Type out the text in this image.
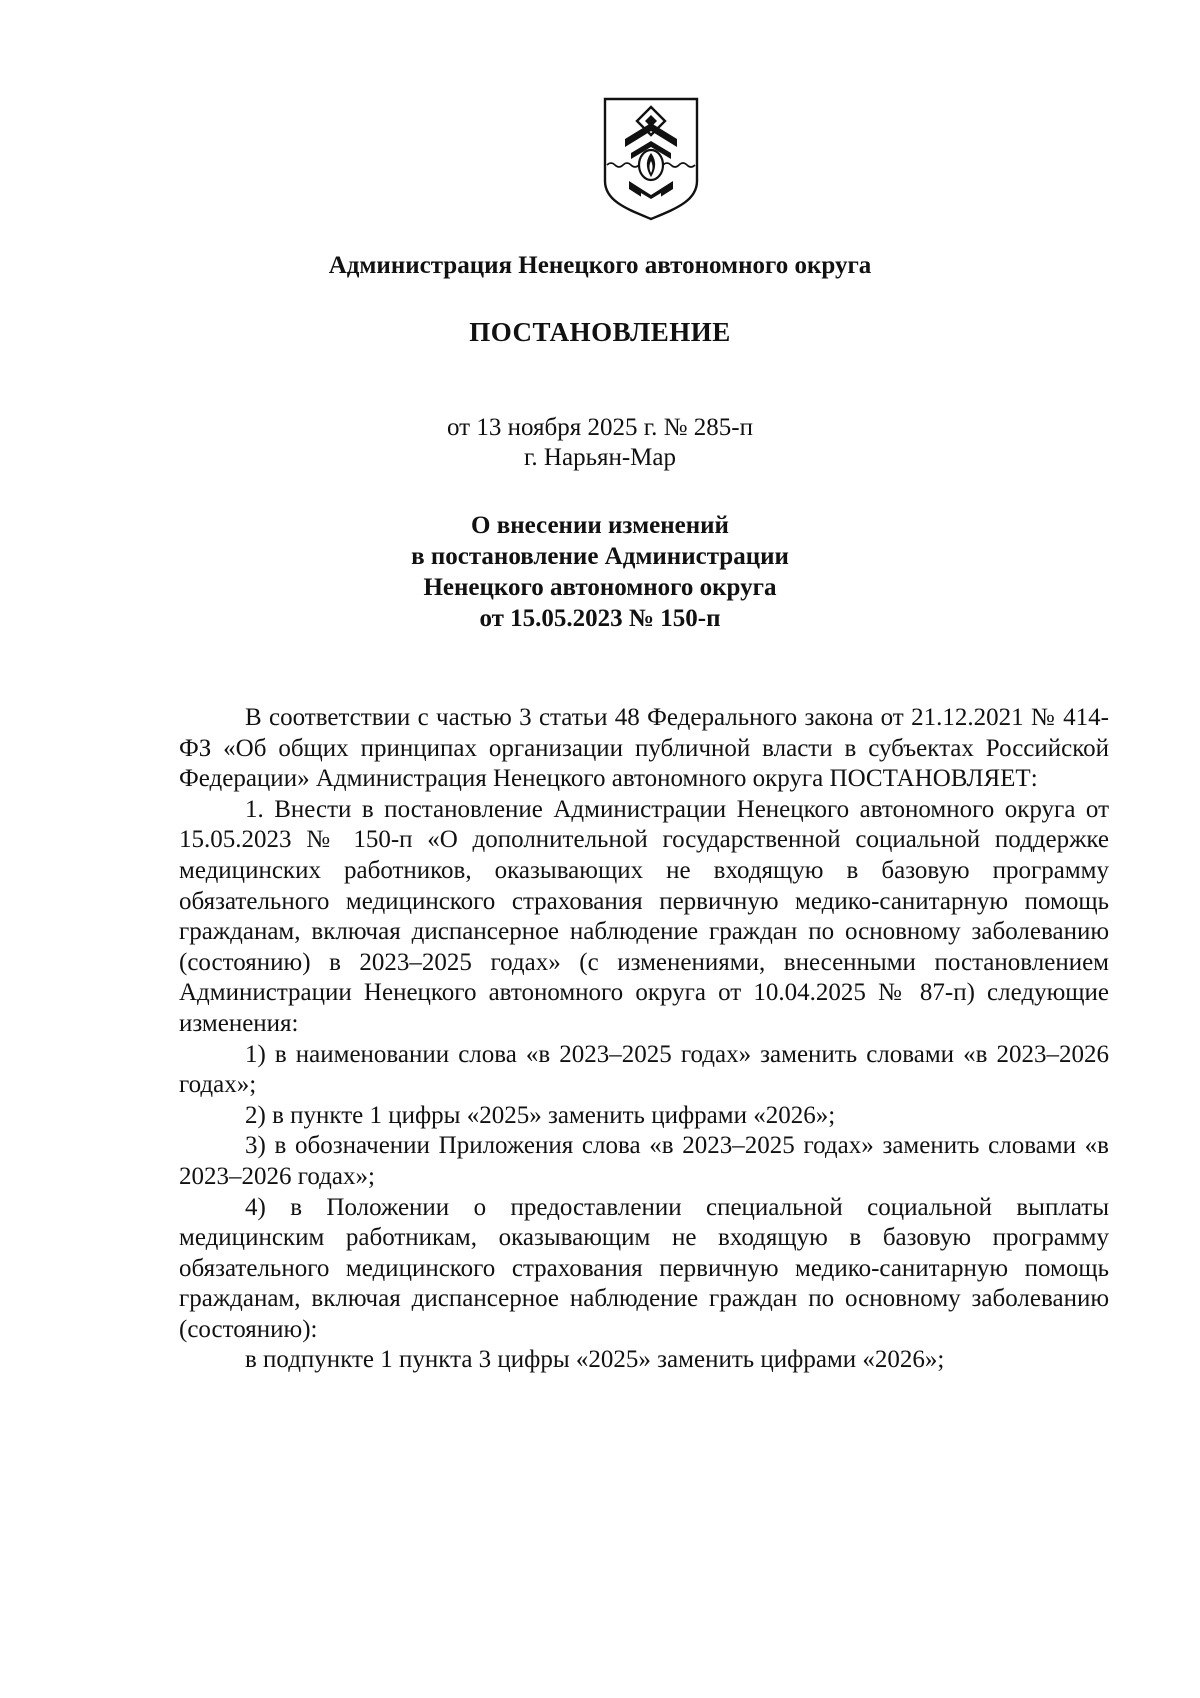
Администрация Ненецкого автономного округа
ПОСТАНОВЛЕНИЕ
от 13 ноября 2025 г. № 285-п
г. Нарьян-Мар
О внесении изменений
в постановление Администрации
Ненецкого автономного округа
от 15.05.2023 № 150-п

В соответствии с частью 3 статьи 48 Федерального закона от 21.12.2021 № 414-ФЗ «Об общих принципах организации публичной власти в субъектах Российской Федерации» Администрация Ненецкого автономного округа ПОСТАНОВЛЯЕТ:

1. Внести в постановление Администрации Ненецкого автономного округа от 15.05.2023 № 150-п «О дополнительной государственной социальной поддержке медицинских работников, оказывающих не входящую в базовую программу обязательного медицинского страхования первичную медико-санитарную помощь гражданам, включая диспансерное наблюдение граждан по основному заболеванию (состоянию) в 2023–2025 годах» (с изменениями, внесенными постановлением Администрации Ненецкого автономного округа от 10.04.2025 № 87-п) следующие изменения:

1) в наименовании слова «в 2023–2025 годах» заменить словами «в 2023–2026 годах»;

2) в пункте 1 цифры «2025» заменить цифрами «2026»;

3) в обозначении Приложения слова «в 2023–2025 годах» заменить словами «в 2023–2026 годах»;

4) в Положении о предоставлении специальной социальной выплаты медицинским работникам, оказывающим не входящую в базовую программу обязательного медицинского страхования первичную медико-санитарную помощь гражданам, включая диспансерное наблюдение граждан по основному заболеванию (состоянию):

в подпункте 1 пункта 3 цифры «2025» заменить цифрами «2026»;
